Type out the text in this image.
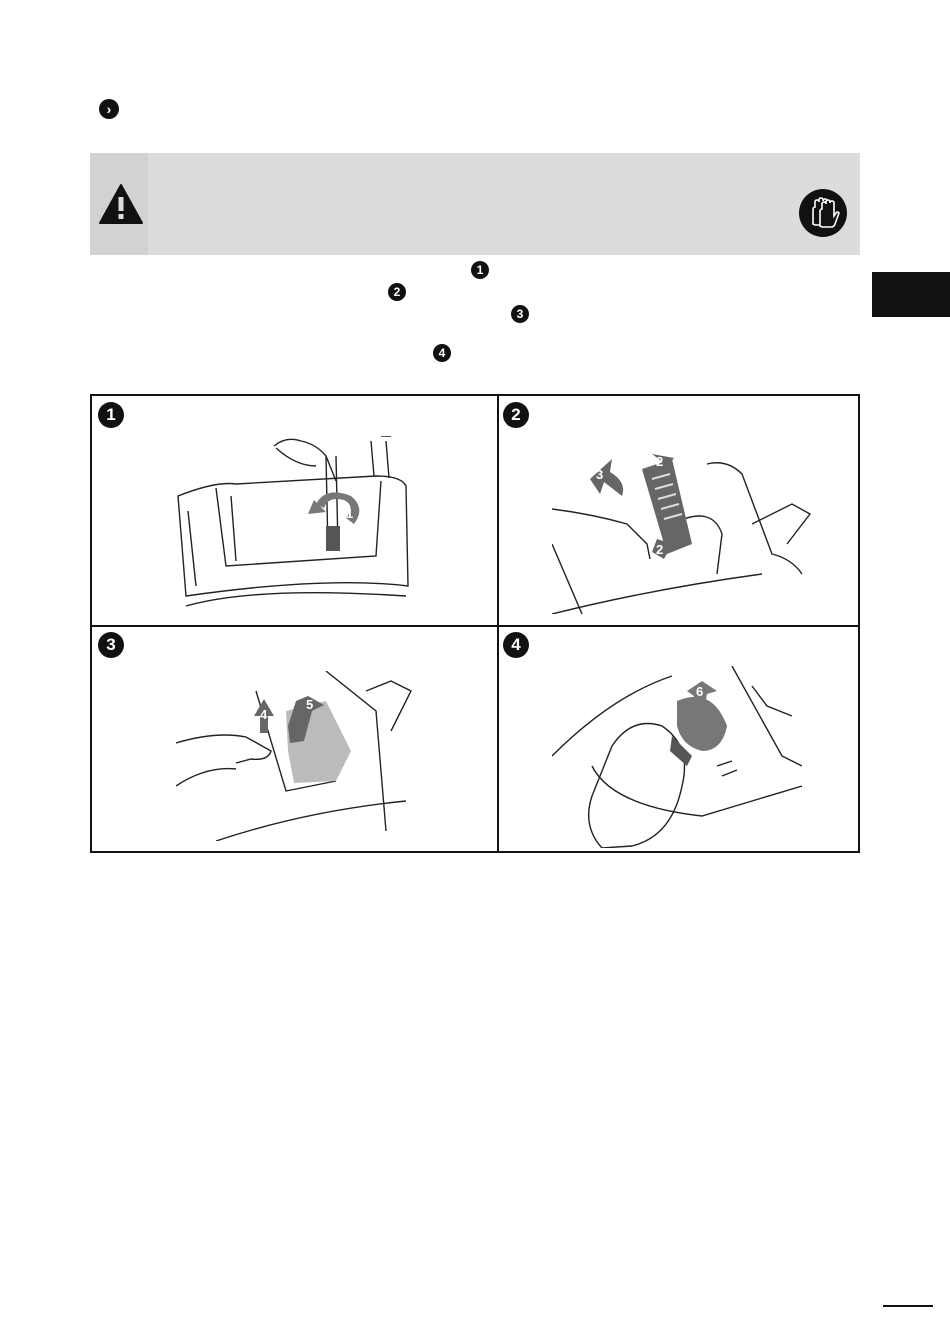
›
1
2
3
4
1
1
2
3
2
2
3
4
5
4
6
